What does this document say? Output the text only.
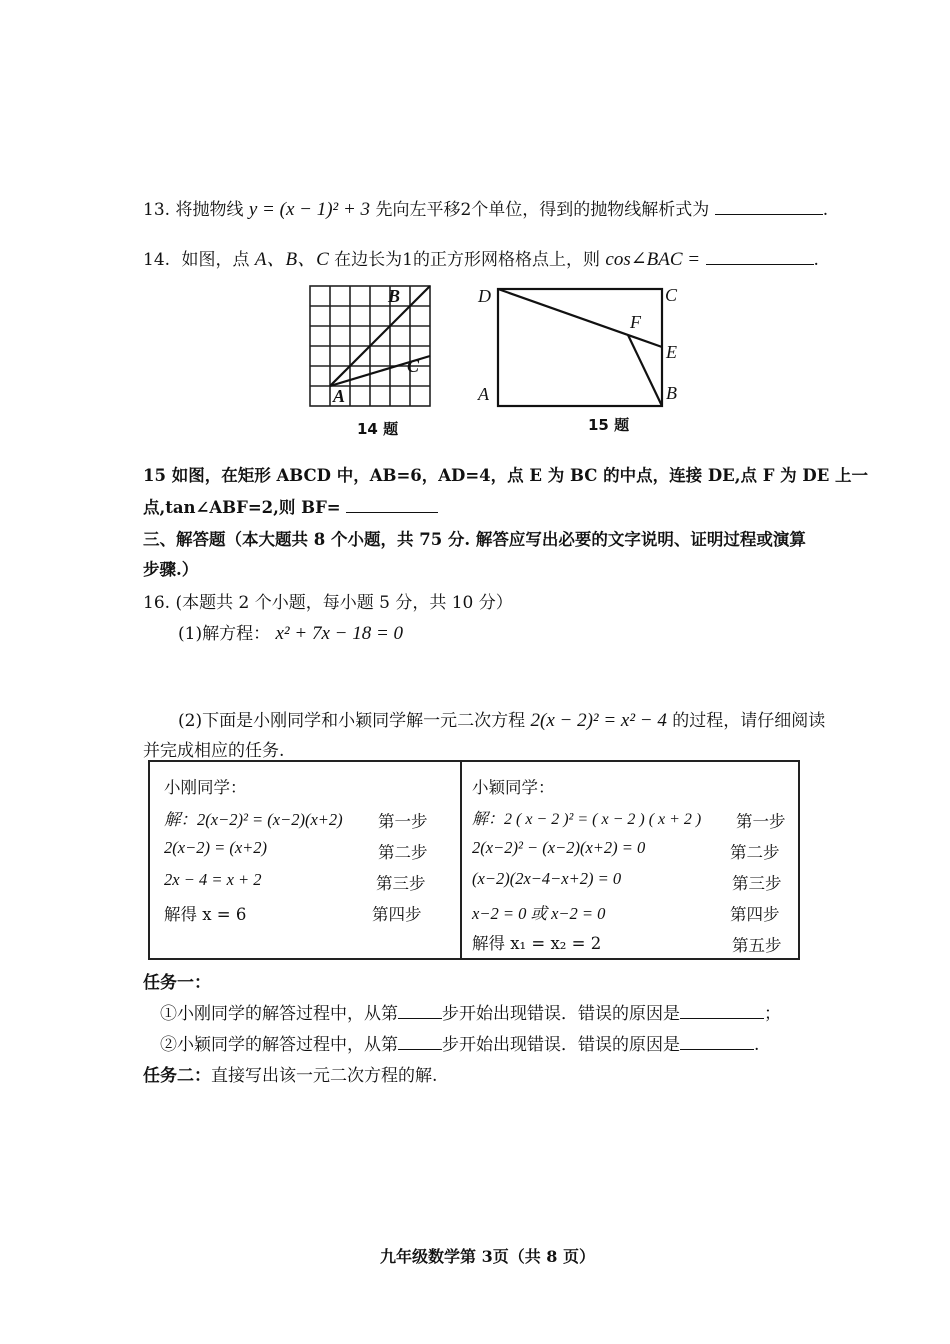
13. 将抛物线 y = (x − 1)² + 3 先向左平移2个单位，得到的抛物线解析式为	.
14. 如图，点 A、B、C 在边长为1的正方形网格格点上，则 cos∠BAC =	.
A
B
C
14 题
D	C
F
E
A	B
15 题
15 如图，在矩形 ABCD 中，AB=6，AD=4，点 E 为 BC 的中点，连接 DE,点 F 为 DE 上一
点,tan∠ABF=2,则 BF=
三、解答题（本大题共 8 个小题，共 75 分. 解答应写出必要的文字说明、证明过程或演算
步骤.）
16. (本题共 2 个小题，每小题 5 分，共 10 分）
(1)解方程： x² + 7x − 18 = 0
(2)下面是小刚同学和小颖同学解一元二次方程 2(x − 2)² = x² − 4 的过程，请仔细阅读
并完成相应的任务.
小刚同学：
解：2(x−2)² = (x−2)(x+2) 第一步
2(x−2) = (x+2)	第二步
2x − 4 = x + 2	第三步
解得 x = 6	第四步
小颖同学：
解：2 ( x − 2 )² = ( x − 2 ) ( x + 2 ) 第一步
2(x−2)² − (x−2)(x+2) = 0	第二步
(x−2)(2x−4−x+2) = 0	第三步
x−2 = 0 或 x−2 = 0	第四步
解得 x₁ = x₂ = 2	第五步
任务一：
①小刚同学的解答过程中，从第	步开始出现错误．错误的原因是	；
②小颖同学的解答过程中，从第	步开始出现错误．错误的原因是	.
任务二：直接写出该一元二次方程的解.
九年级数学第 3页（共 8 页）
